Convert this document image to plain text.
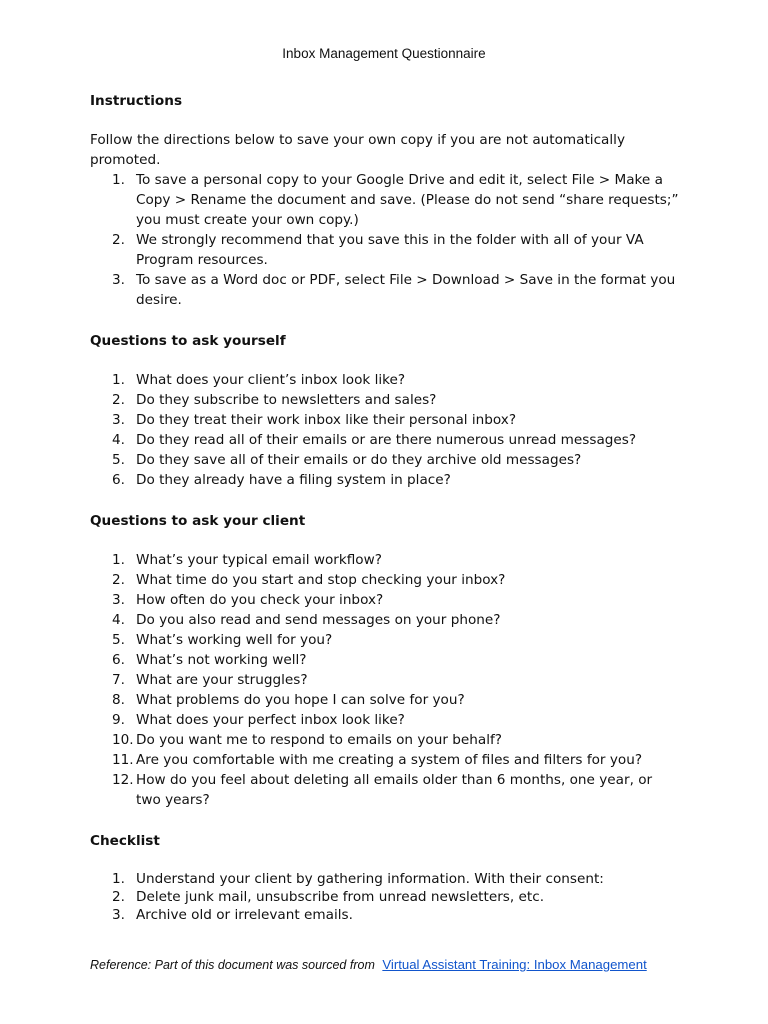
Inbox Management Questionnaire

Instructions

Follow the directions below to save your own copy if you are not automatically promoted.

1. To save a personal copy to your Google Drive and edit it, select File > Make a Copy > Rename the document and save. (Please do not send “share requests;” you must create your own copy.)
2. We strongly recommend that you save this in the folder with all of your VA Program resources.
3. To save as a Word doc or PDF, select File > Download > Save in the format you desire.

Questions to ask yourself

1. What does your client’s inbox look like?
2. Do they subscribe to newsletters and sales?
3. Do they treat their work inbox like their personal inbox?
4. Do they read all of their emails or are there numerous unread messages?
5. Do they save all of their emails or do they archive old messages?
6. Do they already have a filing system in place?

Questions to ask your client

1. What’s your typical email workflow?
2. What time do you start and stop checking your inbox?
3. How often do you check your inbox?
4. Do you also read and send messages on your phone?
5. What’s working well for you?
6. What’s not working well?
7. What are your struggles?
8. What problems do you hope I can solve for you?
9. What does your perfect inbox look like?
10. Do you want me to respond to emails on your behalf?
11. Are you comfortable with me creating a system of files and filters for you?
12. How do you feel about deleting all emails older than 6 months, one year, or two years?

Checklist

1. Understand your client by gathering information. With their consent:
2. Delete junk mail, unsubscribe from unread newsletters, etc.
3. Archive old or irrelevant emails.
Reference: Part of this document was sourced from Virtual Assistant Training: Inbox Management
